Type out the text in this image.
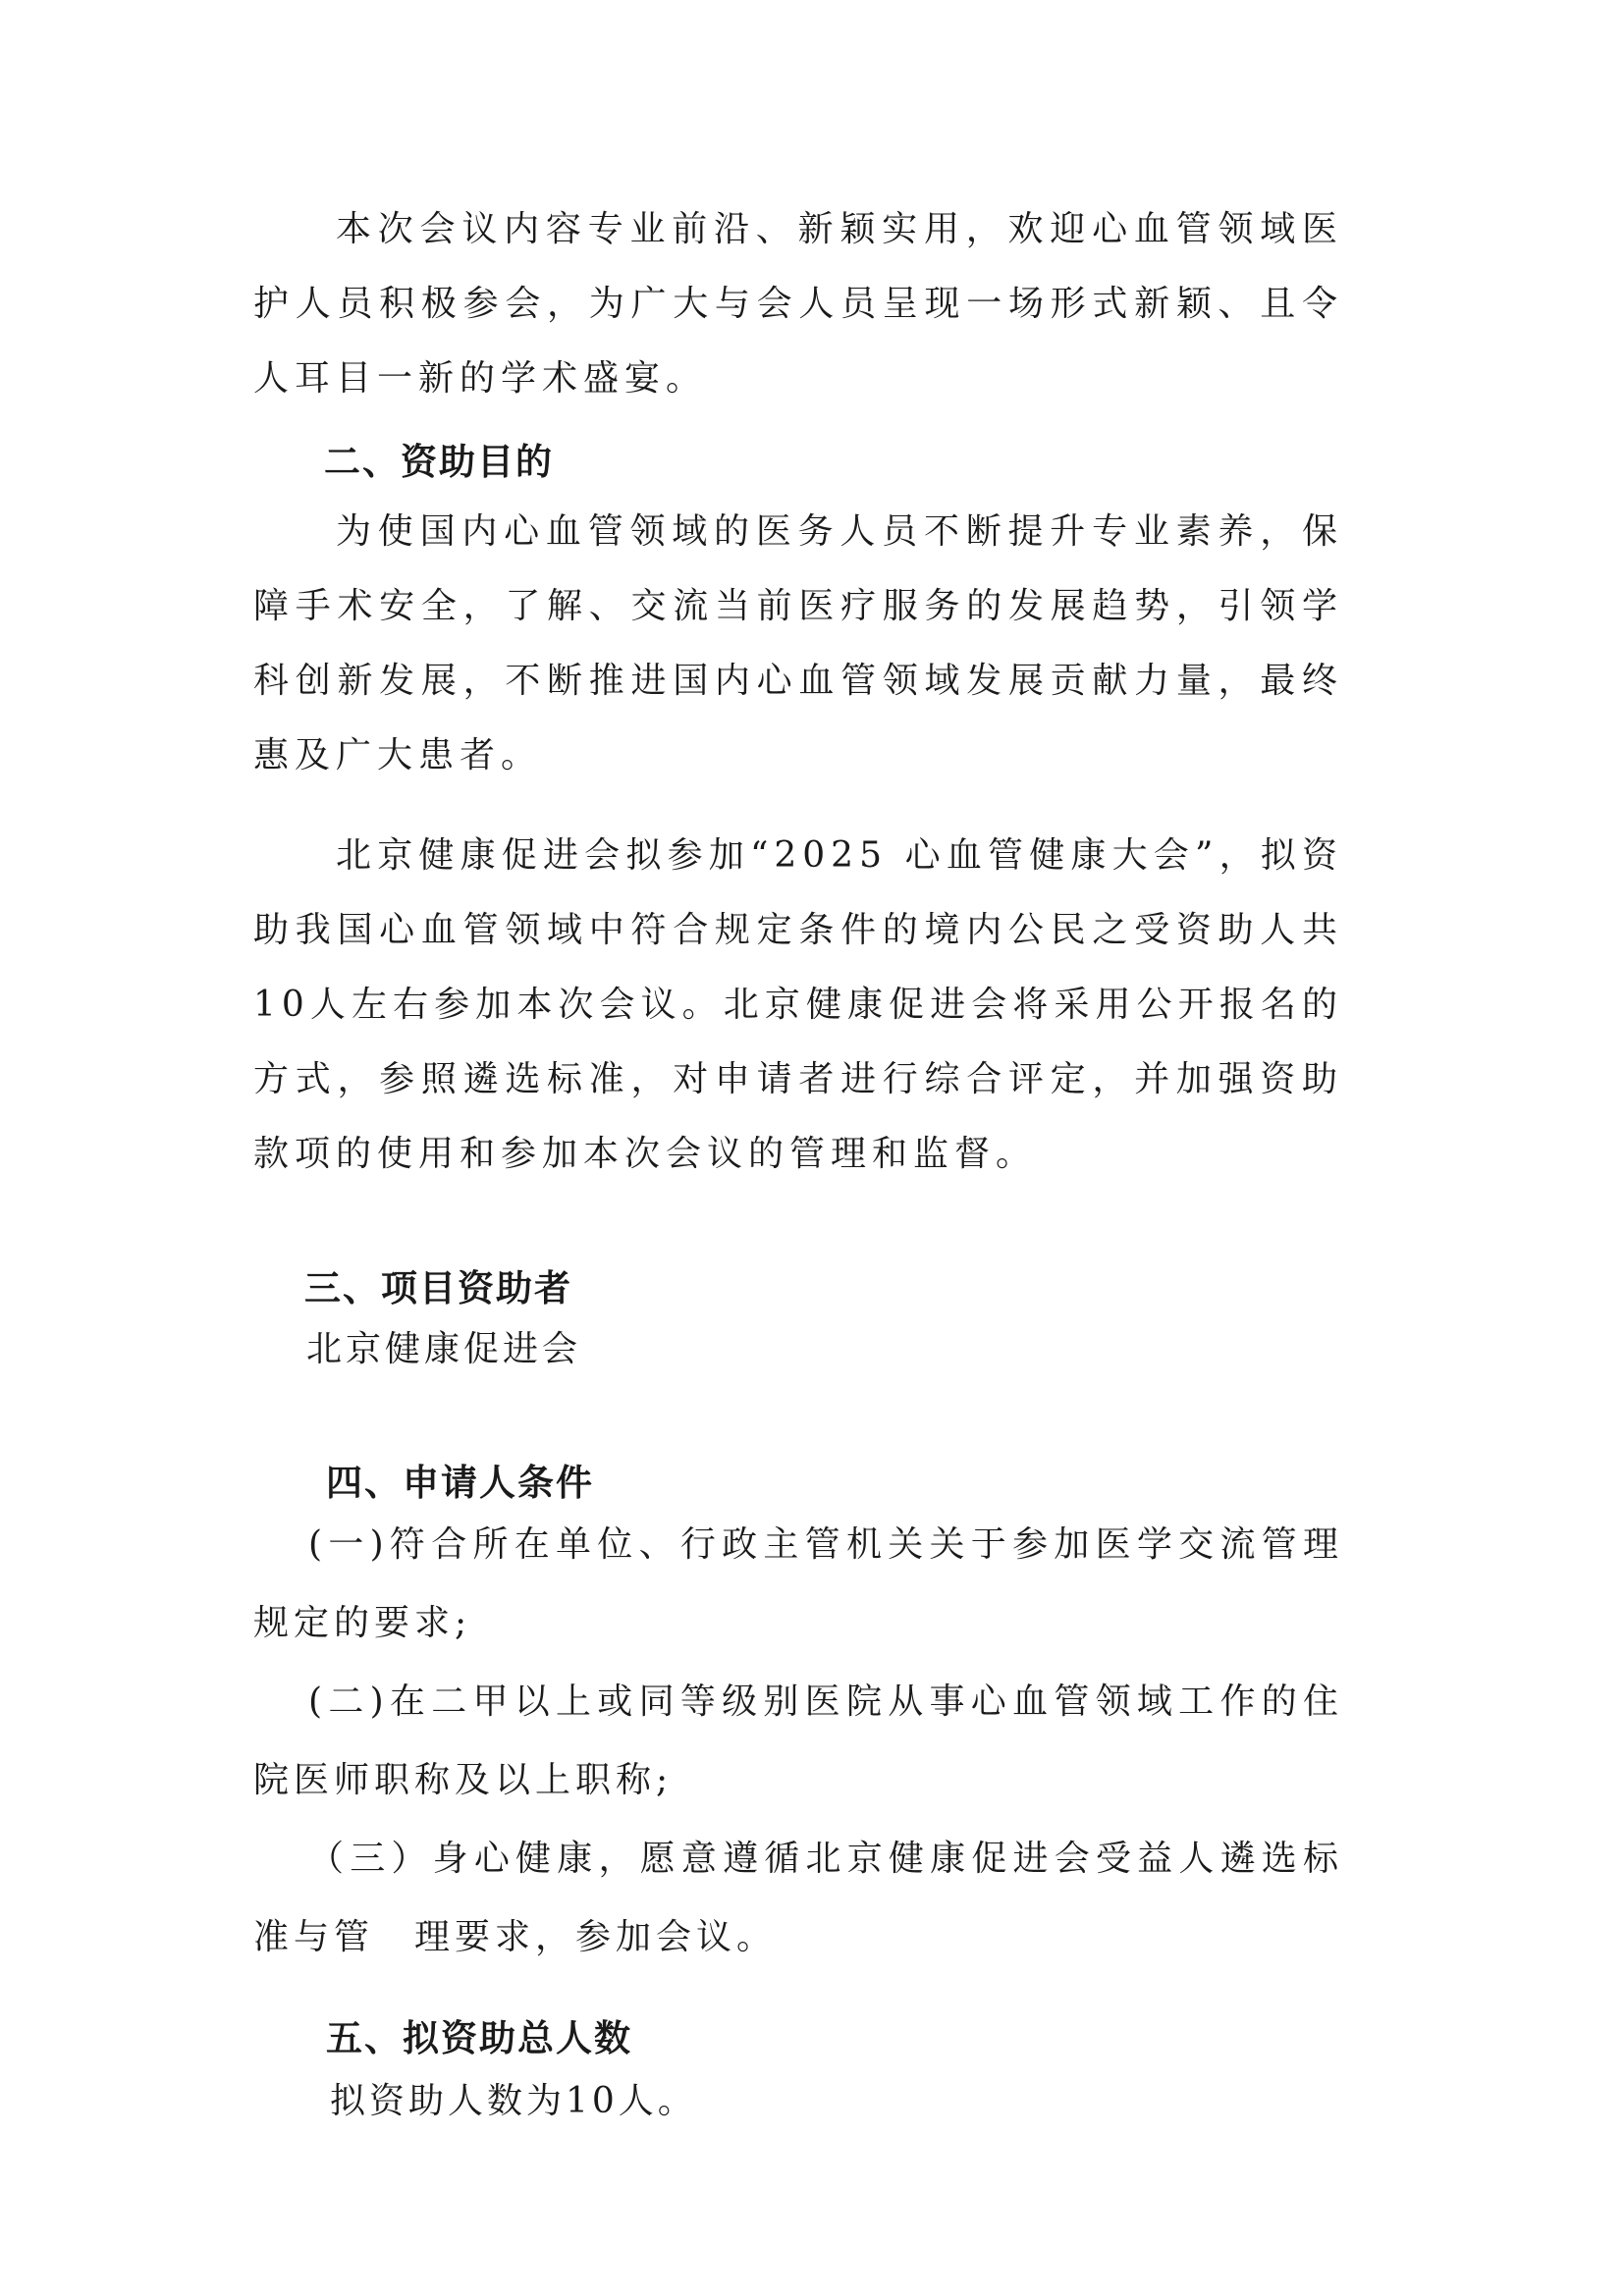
本次会议内容专业前沿、新颖实用，欢迎心血管领域医护人员积极参会，为广大与会人员呈现一场形式新颖、且令人耳目一新的学术盛宴。

二、资助目的

为使国内心血管领域的医务人员不断提升专业素养，保障手术安全，了解、交流当前医疗服务的发展趋势，引领学科创新发展，不断推进国内心血管领域发展贡献力量，最终惠及广大患者。

北京健康促进会拟参加“2025 心血管健康大会”，拟资助我国心血管领域中符合规定条件的境内公民之受资助人共10人左右参加本次会议。北京健康促进会将采用公开报名的方式，参照遴选标准，对申请者进行综合评定，并加强资助款项的使用和参加本次会议的管理和监督。

三、项目资助者

北京健康促进会

四、申请人条件

(一)符合所在单位、行政主管机关关于参加医学交流管理规定的要求;

(二)在二甲以上或同等级别医院从事心血管领域工作的住院医师职称及以上职称;

（三）身心健康，愿意遵循北京健康促进会受益人遴选标准与管　理要求，参加会议。

五、拟资助总人数

拟资助人数为10人。
